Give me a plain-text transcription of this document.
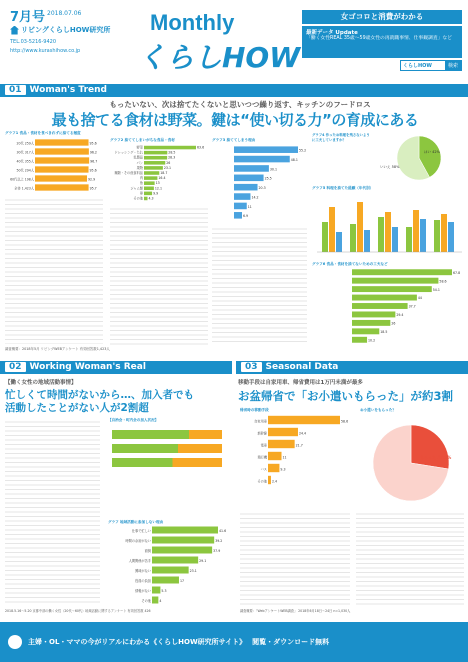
7月号 2018.07.06
リビングくらしHOW研究所
TEL.03-5216-9420
http://www.kurashihow.co.jp
Monthly
くらしHOW
女ゴコロと消費がわかる
最新データ Update
「働く女性REAL 35歳～59歳女性の再就職事情、仕事観調査」など
くらしHOW	検索
01 Woman's Trend
もったいない、次は捨てたくないと思いつつ繰り返す、キッチンのフードロス
最も捨てる食材は野菜。鍵は“使い切る力”の育成にある
グラフ1 食品・食材を食べきれずに捨てる頻度
20代 259人	95.6
30代 317人	96.2
40代 355人	96.7
50代 294人	95.6
60代以上 198人	92.9
全体 1,423人	95.7
グラフ2 捨ててしまいがちな食品・食材
野菜	63.6
ドレッシング・たれ	28.5
乳製品	28.3
パン	26
果物	23.1
麺類・その他食料品	18.7
肉	16.4
魚	13
ジャム類	12.1
卵	9.9
その他 4.3
グラフ3 捨ててしまう理由
55.2
48.1
30.1
25.5
20.3
14.2
11
6.9
グラフ4 作ったお料理を残さないように工夫していますか？
はい 42%
いいえ 58%
グラフ5 料理を捨てた経験（年代別）
グラフ6 食品・食材を捨てないための工夫など
67.8
58.6
54.1
44
37.7
29.4
26
18.5
10.2
調査概要：2018年5月 リビングWEBアンケート 有効回答数1,423人
02 Working Woman's Real
【働く女性の地域活動事情】
忙しくて時間がないから…、加入者でも
活動したことがない人が2割超
【自治会・町内会の加入状況】
グラフ 地域活動に参加しない理由
仕事で忙しい	41.6
時間の余裕がない	39.2
面倒	37.9
人間関係が苦手	29.1
興味がない	23.1
役員の負担	17
情報がない	5.3
その他	4
2018.5.16～5.20 京都中部の働く女性（20代～60代）地域活動に関するアンケート 有効回答数 426
03 Seasonal Data
移動手段は自家用車、帰省費用は1万円未満が最多
お盆帰省で「お小遣いもらった」が約3割
帰省時の移動手段
自家用車	58.6
新幹線	24.4
電車	21.7
飛行機	11
バス	9.3
その他 2.4
お小遣いをもらった？
もらった 27.5%
調査概要：「WebアンケートWEB調査」 2018年6月18日～24日 n=1,030人
主婦・OL・ママの今がリアルにわかる《くらしHOW研究所サイト》 閲覧・ダウンロード無料
